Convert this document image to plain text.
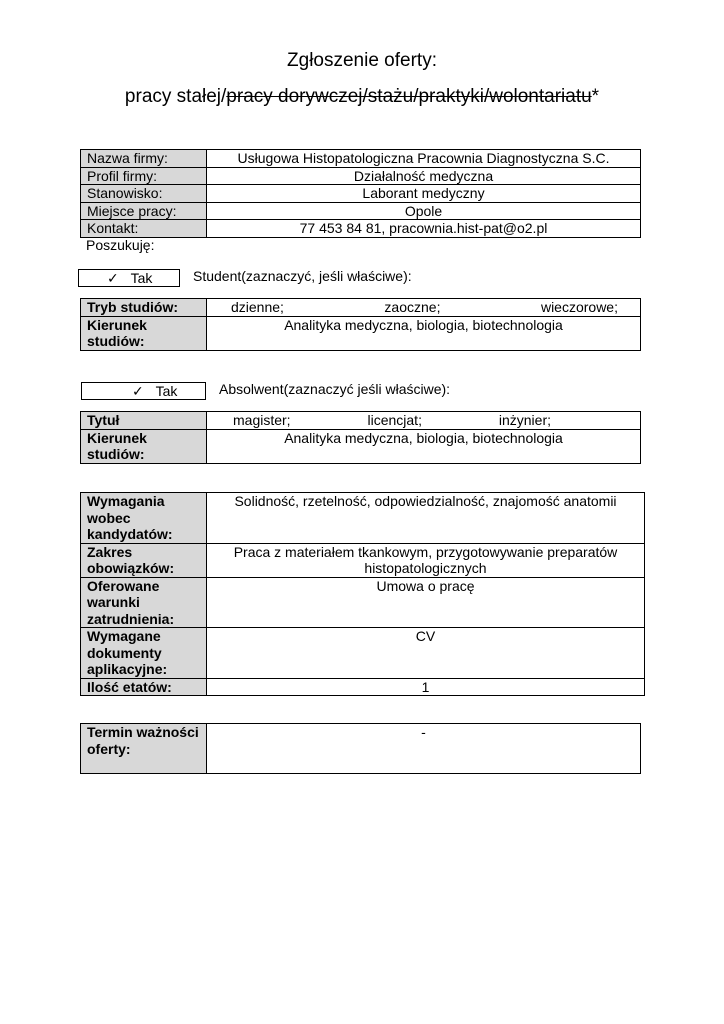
Zgłoszenie oferty:
pracy stałej/pracy dorywczej/stażu/praktyki/wolontariatu*
Nazwa firmy:	Usługowa Histopatologiczna Pracownia Diagnostyczna S.C.
Profil firmy:	Działalność medyczna
Stanowisko:	Laborant medyczny
Miejsce pracy:	Opole
Kontakt:	77 453 84 81, pracownia.hist-pat@o2.pl
Poszukuję:
✓ Tak	Student(zaznaczyć, jeśli właściwe):
Tryb studiów:	dzienne; zaoczne; wieczorowe;

Kierunek studiów:	Analityka medyczna, biologia, biotechnologia
✓ Tak	Absolwent(zaznaczyć jeśli właściwe):
Tytuł	magister; licencjat; inżynier;

Kierunek studiów:	Analityka medyczna, biologia, biotechnologia
Wymagania wobec kandydatów:	Solidność, rzetelność, odpowiedzialność, znajomość anatomii
Zakres obowiązków:	Praca z materiałem tkankowym, przygotowywanie preparatów histopatologicznych
Oferowane warunki zatrudnienia:	Umowa o pracę
Wymagane dokumenty aplikacyjne:	CV
Ilość etatów:	1
Termin ważności oferty:	-
